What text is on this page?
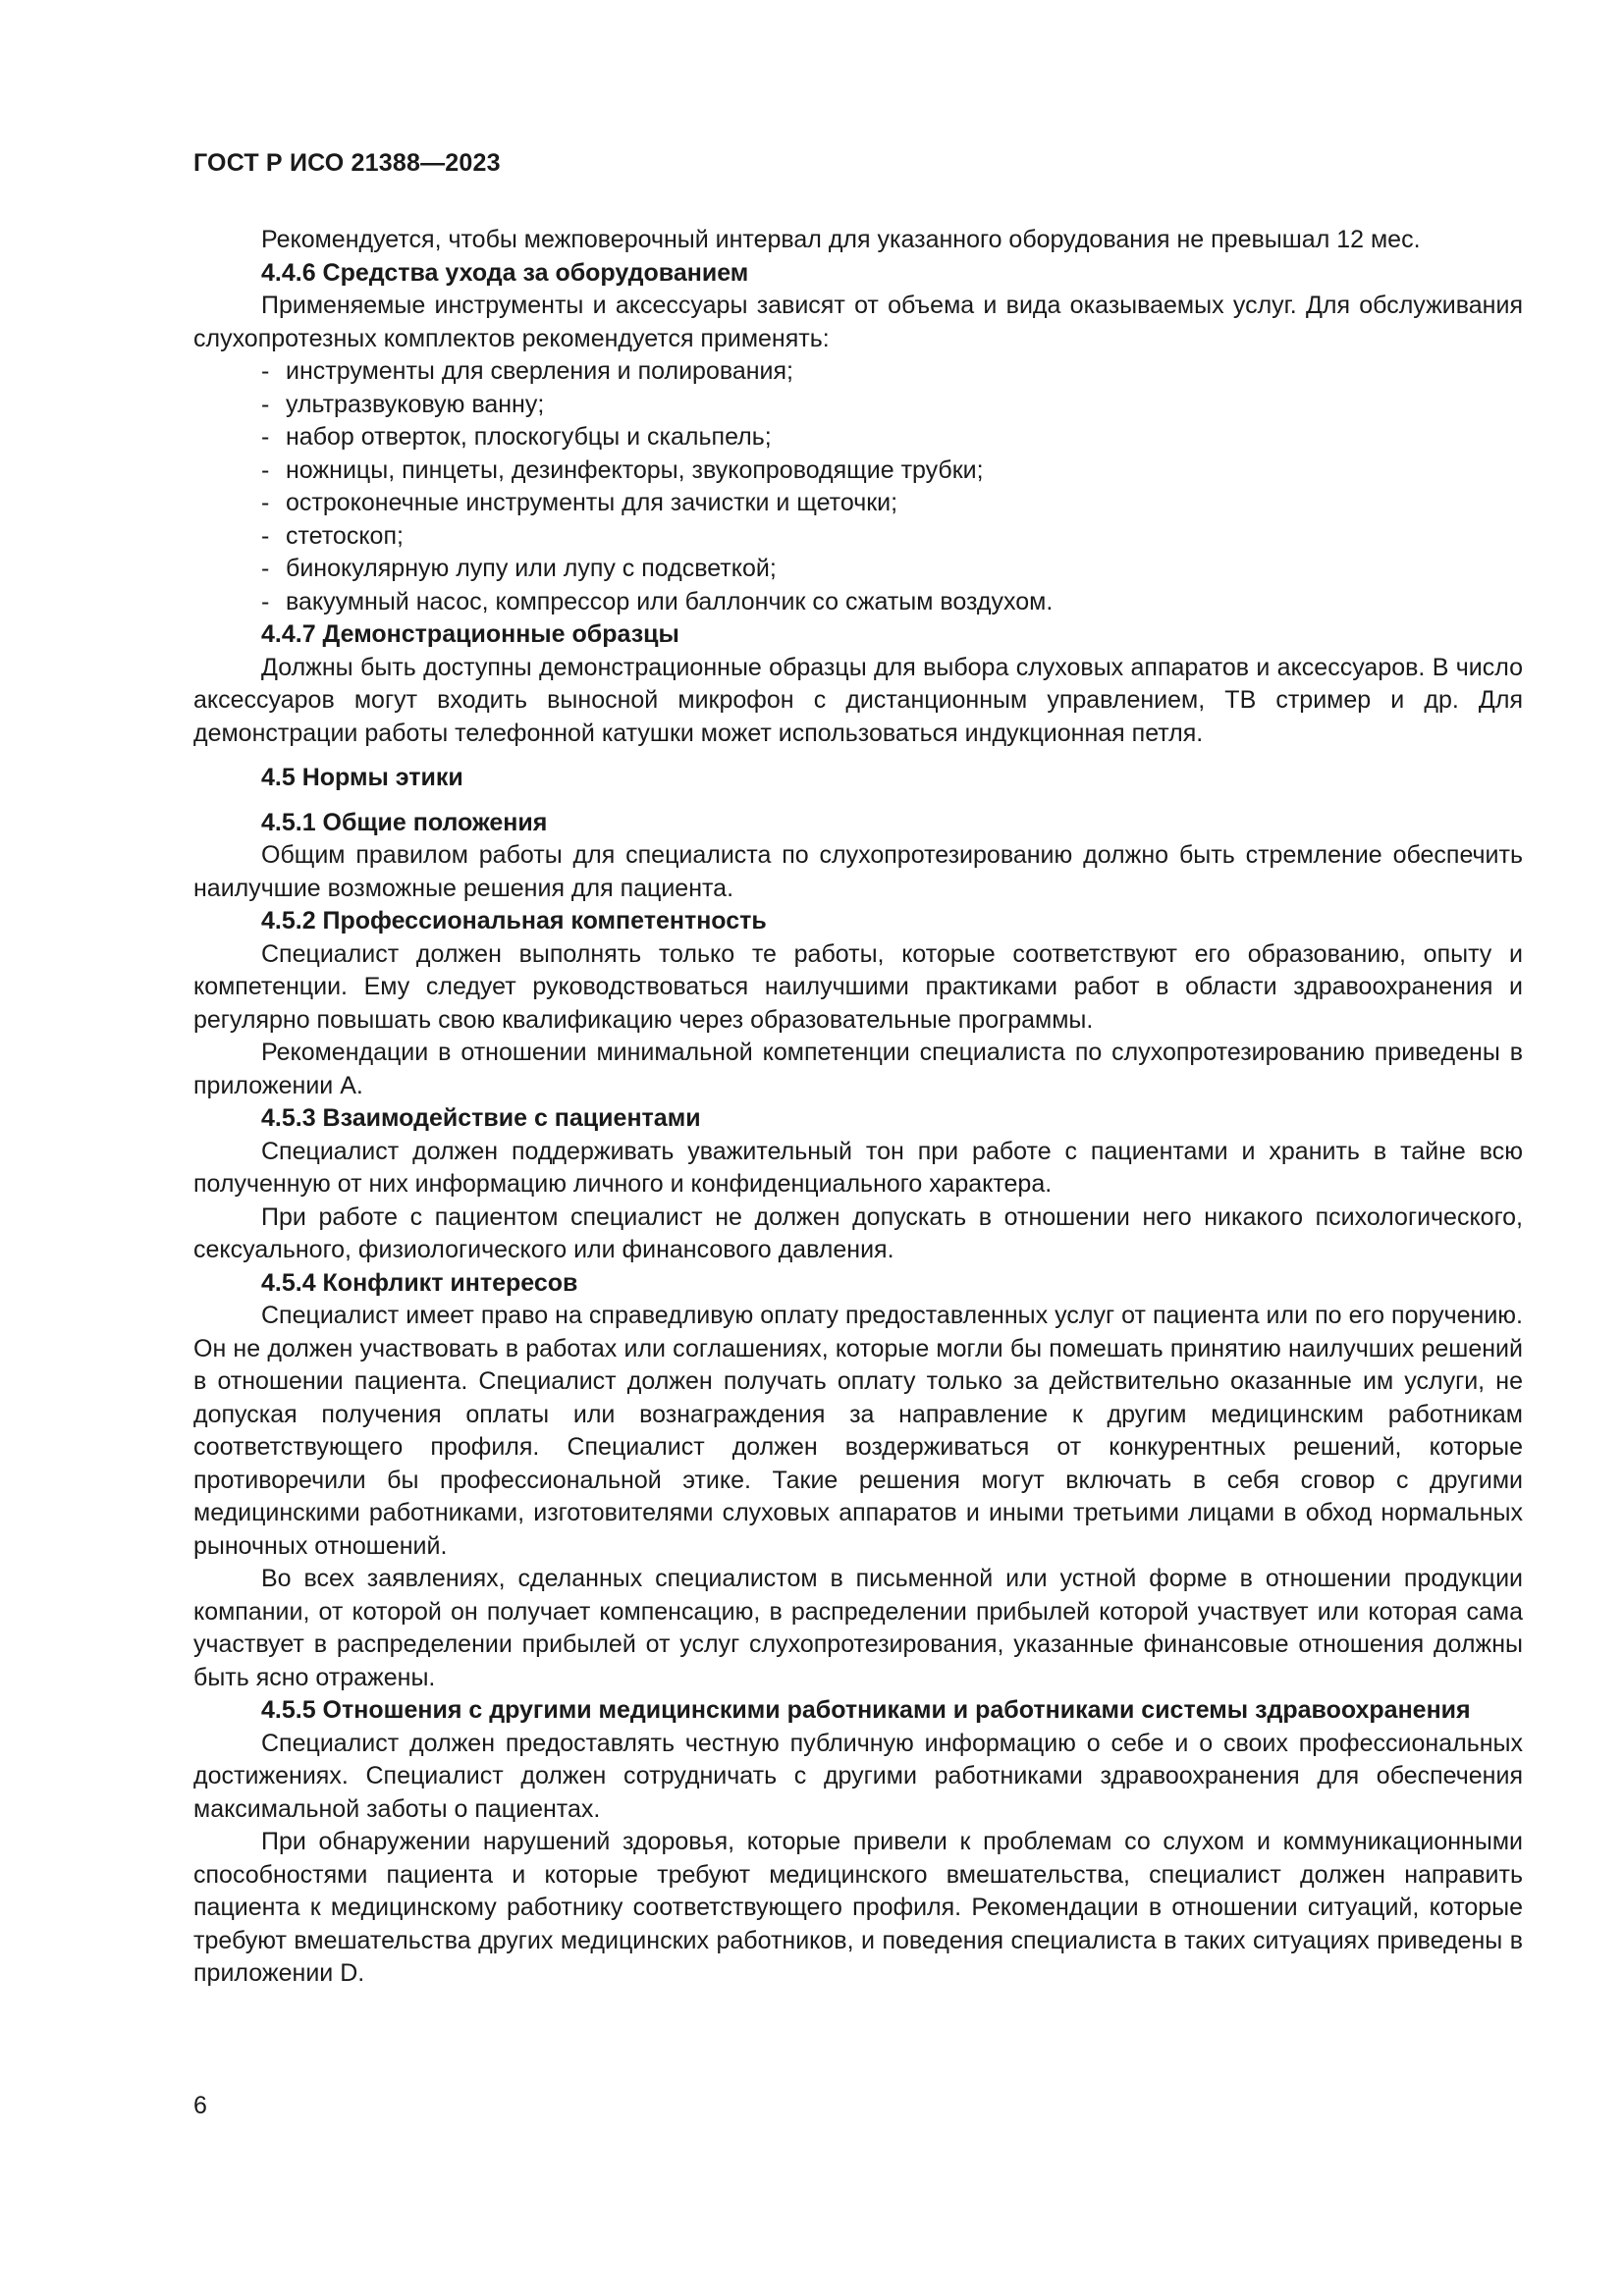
ГОСТ Р ИСО 21388—2023

Рекомендуется, чтобы межповерочный интервал для указанного оборудования не превышал 12 мес.

4.4.6 Средства ухода за оборудованием

Применяемые инструменты и аксессуары зависят от объема и вида оказываемых услуг. Для обслуживания слухопротезных комплектов рекомендуется применять:

- инструменты для сверления и полирования;
- ультразвуковую ванну;
- набор отверток, плоскогубцы и скальпель;
- ножницы, пинцеты, дезинфекторы, звукопроводящие трубки;
- остроконечные инструменты для зачистки и щеточки;
- стетоскоп;
- бинокулярную лупу или лупу с подсветкой;
- вакуумный насос, компрессор или баллончик со сжатым воздухом.

4.4.7 Демонстрационные образцы

Должны быть доступны демонстрационные образцы для выбора слуховых аппаратов и аксессуаров. В число аксессуаров могут входить выносной микрофон с дистанционным управлением, ТВ стример и др. Для демонстрации работы телефонной катушки может использоваться индукционная петля.

4.5 Нормы этики

4.5.1 Общие положения

Общим правилом работы для специалиста по слухопротезированию должно быть стремление обеспечить наилучшие возможные решения для пациента.

4.5.2 Профессиональная компетентность

Специалист должен выполнять только те работы, которые соответствуют его образованию, опыту и компетенции. Ему следует руководствоваться наилучшими практиками работ в области здравоохранения и регулярно повышать свою квалификацию через образовательные программы.

Рекомендации в отношении минимальной компетенции специалиста по слухопротезированию приведены в приложении А.

4.5.3 Взаимодействие с пациентами

Специалист должен поддерживать уважительный тон при работе с пациентами и хранить в тайне всю полученную от них информацию личного и конфиденциального характера.

При работе с пациентом специалист не должен допускать в отношении него никакого психологического, сексуального, физиологического или финансового давления.

4.5.4 Конфликт интересов

Специалист имеет право на справедливую оплату предоставленных услуг от пациента или по его поручению. Он не должен участвовать в работах или соглашениях, которые могли бы помешать принятию наилучших решений в отношении пациента. Специалист должен получать оплату только за действительно оказанные им услуги, не допуская получения оплаты или вознаграждения за направление к другим медицинским работникам соответствующего профиля. Специалист должен воздерживаться от конкурентных решений, которые противоречили бы профессиональной этике. Такие решения могут включать в себя сговор с другими медицинскими работниками, изготовителями слуховых аппаратов и иными третьими лицами в обход нормальных рыночных отношений.

Во всех заявлениях, сделанных специалистом в письменной или устной форме в отношении продукции компании, от которой он получает компенсацию, в распределении прибылей которой участвует или которая сама участвует в распределении прибылей от услуг слухопротезирования, указанные финансовые отношения должны быть ясно отражены.

4.5.5 Отношения с другими медицинскими работниками и работниками системы здравоохранения

Специалист должен предоставлять честную публичную информацию о себе и о своих профессиональных достижениях. Специалист должен сотрудничать с другими работниками здравоохранения для обеспечения максимальной заботы о пациентах.

При обнаружении нарушений здоровья, которые привели к проблемам со слухом и коммуникационными способностями пациента и которые требуют медицинского вмешательства, специалист должен направить пациента к медицинскому работнику соответствующего профиля. Рекомендации в отношении ситуаций, которые требуют вмешательства других медицинских работников, и поведения специалиста в таких ситуациях приведены в приложении D.

6
